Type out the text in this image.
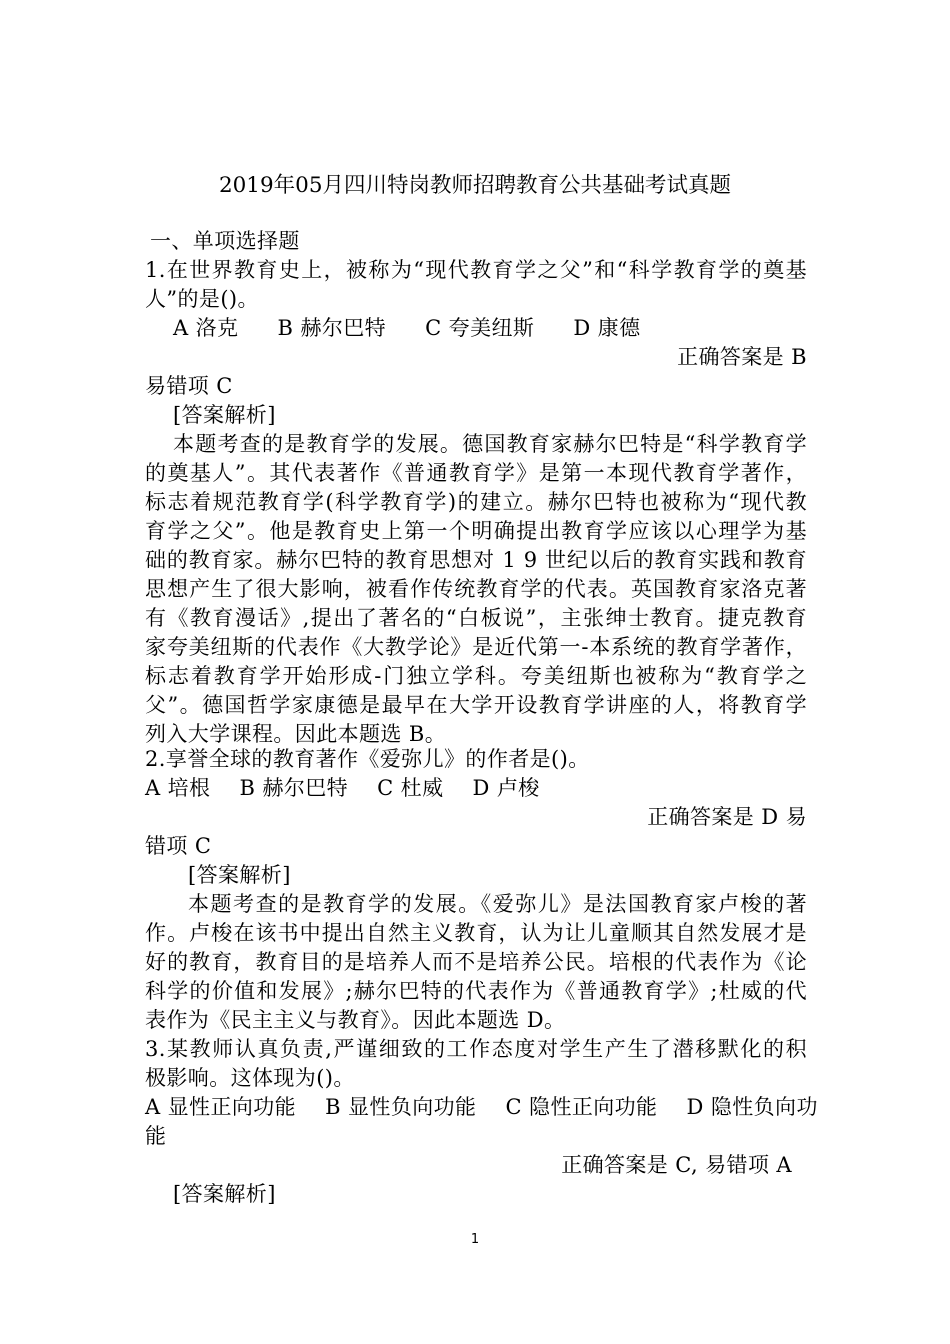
2019年05月四川特岗教师招聘教育公共基础考试真题
一、单项选择题
1.在世界教育史上，被称为“现代教育学之父”和“科学教育学的奠基
人”的是()。
A 洛克 B 赫尔巴特 C 夸美纽斯 D 康德
正确答案是 B
易错项 C
[答案解析]
本题考查的是教育学的发展。德国教育家赫尔巴特是“科学教育学
的奠基人”。其代表著作《普通教育学》是第一本现代教育学著作，
标志着规范教育学(科学教育学)的建立。赫尔巴特也被称为“现代教
育学之父”。他是教育史上第一个明确提出教育学应该以心理学为基
础的教育家。赫尔巴特的教育思想对 1 9 世纪以后的教育实践和教育
思想产生了很大影响，被看作传统教育学的代表。英国教育家洛克著
有《教育漫话》,提出了著名的“白板说”，主张绅士教育。捷克教育
家夸美纽斯的代表作《大教学论》是近代第一-本系统的教育学著作，
标志着教育学开始形成-门独立学科。夸美纽斯也被称为“教育学之
父”。德国哲学家康德是最早在大学开设教育学讲座的人，将教育学
列入大学课程。因此本题选 B。
2.享誉全球的教育著作《爱弥儿》的作者是()。
A 培根 B 赫尔巴特 C 杜威 D 卢梭
正确答案是 D 易
错项 C
[答案解析]
本题考查的是教育学的发展。《爱弥儿》是法国教育家卢梭的著
作。卢梭在该书中提出自然主义教育，认为让儿童顺其自然发展才是
好的教育，教育目的是培养人而不是培养公民。培根的代表作为《论
科学的价值和发展》;赫尔巴特的代表作为《普通教育学》;杜威的代
表作为《民主主义与教育》。因此本题选 D。
3.某教师认真负责,严谨细致的工作态度对学生产生了潜移默化的积
极影响。这体现为()。
A 显性正向功能 B 显性负向功能 C 隐性正向功能 D 隐性负向功
能
正确答案是 C, 易错项 A
[答案解析]
1
